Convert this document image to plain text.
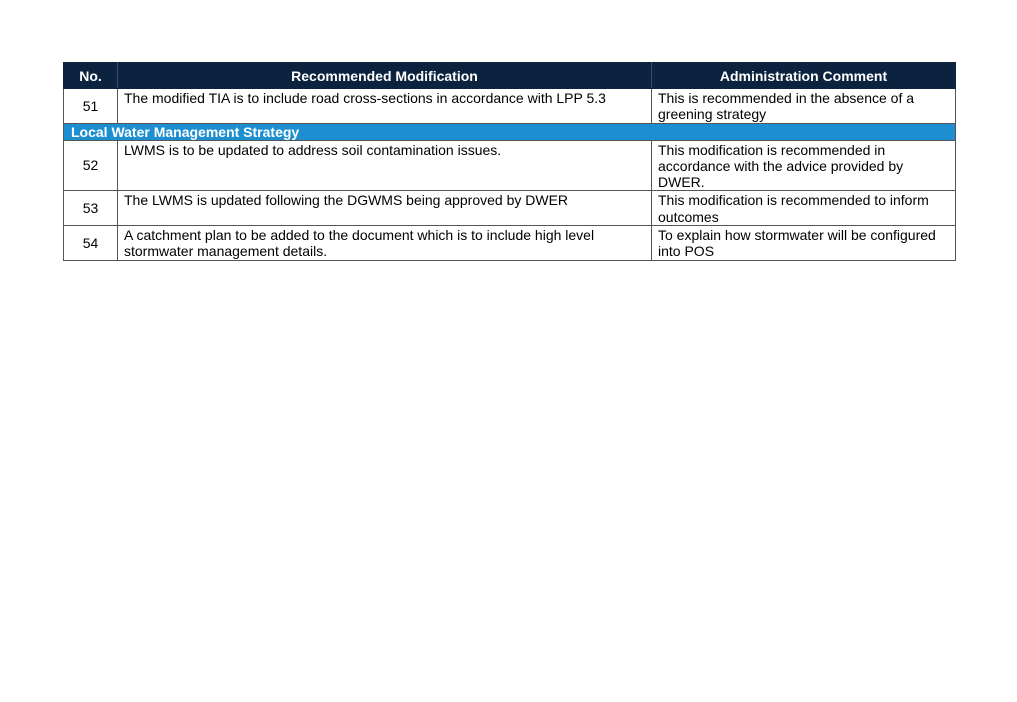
No.	Recommended Modification	Administration Comment
51	The modified TIA is to include road cross-sections in accordance with LPP 5.3	This is recommended in the absence of a greening strategy
Local Water Management Strategy		
52	LWMS is to be updated to address soil contamination issues.	This modification is recommended in accordance with the advice provided by DWER.
53	The LWMS is updated following the DGWMS being approved by DWER	This modification is recommended to inform outcomes
54	A catchment plan to be added to the document which is to include high level stormwater management details.	To explain how stormwater will be configured into POS
